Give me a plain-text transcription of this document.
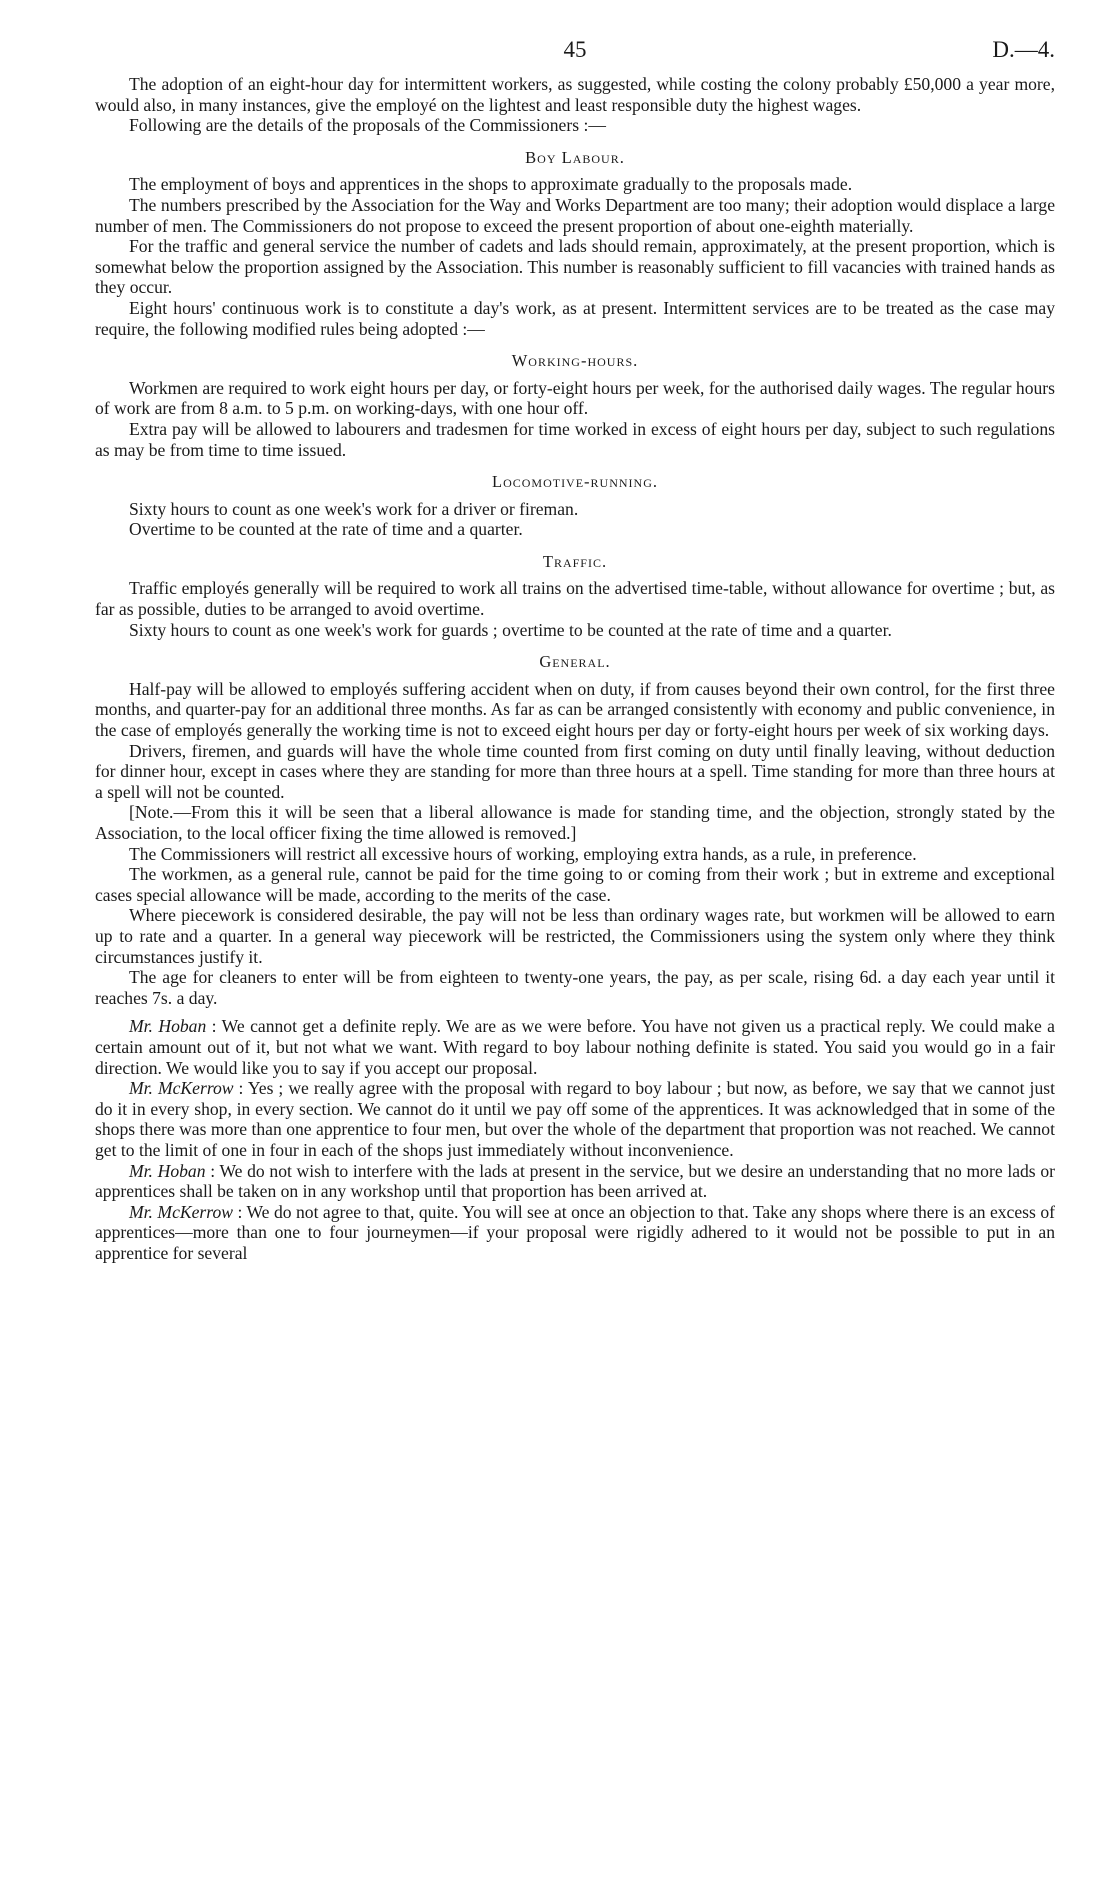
45	D.—4.

The adoption of an eight-hour day for intermittent workers, as suggested, while costing the colony probably £50,000 a year more, would also, in many instances, give the employé on the lightest and least responsible duty the highest wages.

Following are the details of the proposals of the Commissioners :—

Boy Labour.

The employment of boys and apprentices in the shops to approximate gradually to the proposals made.

The numbers prescribed by the Association for the Way and Works Department are too many; their adoption would displace a large number of men. The Commissioners do not propose to exceed the present proportion of about one-eighth materially.

For the traffic and general service the number of cadets and lads should remain, approximately, at the present proportion, which is somewhat below the proportion assigned by the Association. This number is reasonably sufficient to fill vacancies with trained hands as they occur.

Eight hours' continuous work is to constitute a day's work, as at present. Intermittent services are to be treated as the case may require, the following modified rules being adopted :—

Working-hours.

Workmen are required to work eight hours per day, or forty-eight hours per week, for the authorised daily wages. The regular hours of work are from 8 a.m. to 5 p.m. on working-days, with one hour off.

Extra pay will be allowed to labourers and tradesmen for time worked in excess of eight hours per day, subject to such regulations as may be from time to time issued.

Locomotive-running.

Sixty hours to count as one week's work for a driver or fireman.

Overtime to be counted at the rate of time and a quarter.

Traffic.

Traffic employés generally will be required to work all trains on the advertised time-table, without allowance for overtime ; but, as far as possible, duties to be arranged to avoid overtime.

Sixty hours to count as one week's work for guards ; overtime to be counted at the rate of time and a quarter.

General.

Half-pay will be allowed to employés suffering accident when on duty, if from causes beyond their own control, for the first three months, and quarter-pay for an additional three months. As far as can be arranged consistently with economy and public convenience, in the case of employés generally the working time is not to exceed eight hours per day or forty-eight hours per week of six working days.

Drivers, firemen, and guards will have the whole time counted from first coming on duty until finally leaving, without deduction for dinner hour, except in cases where they are standing for more than three hours at a spell. Time standing for more than three hours at a spell will not be counted.

[Note.—From this it will be seen that a liberal allowance is made for standing time, and the objection, strongly stated by the Association, to the local officer fixing the time allowed is removed.]

The Commissioners will restrict all excessive hours of working, employing extra hands, as a rule, in preference.

The workmen, as a general rule, cannot be paid for the time going to or coming from their work ; but in extreme and exceptional cases special allowance will be made, according to the merits of the case.

Where piecework is considered desirable, the pay will not be less than ordinary wages rate, but workmen will be allowed to earn up to rate and a quarter. In a general way piecework will be restricted, the Commissioners using the system only where they think circumstances justify it.

The age for cleaners to enter will be from eighteen to twenty-one years, the pay, as per scale, rising 6d. a day each year until it reaches 7s. a day.

Mr. Hoban : We cannot get a definite reply. We are as we were before. You have not given us a practical reply. We could make a certain amount out of it, but not what we want. With regard to boy labour nothing definite is stated. You said you would go in a fair direction. We would like you to say if you accept our proposal.

Mr. McKerrow : Yes ; we really agree with the proposal with regard to boy labour ; but now, as before, we say that we cannot just do it in every shop, in every section. We cannot do it until we pay off some of the apprentices. It was acknowledged that in some of the shops there was more than one apprentice to four men, but over the whole of the department that proportion was not reached. We cannot get to the limit of one in four in each of the shops just immediately without inconvenience.

Mr. Hoban : We do not wish to interfere with the lads at present in the service, but we desire an understanding that no more lads or apprentices shall be taken on in any workshop until that proportion has been arrived at.

Mr. McKerrow : We do not agree to that, quite. You will see at once an objection to that. Take any shops where there is an excess of apprentices—more than one to four journeymen—if your proposal were rigidly adhered to it would not be possible to put in an apprentice for several
